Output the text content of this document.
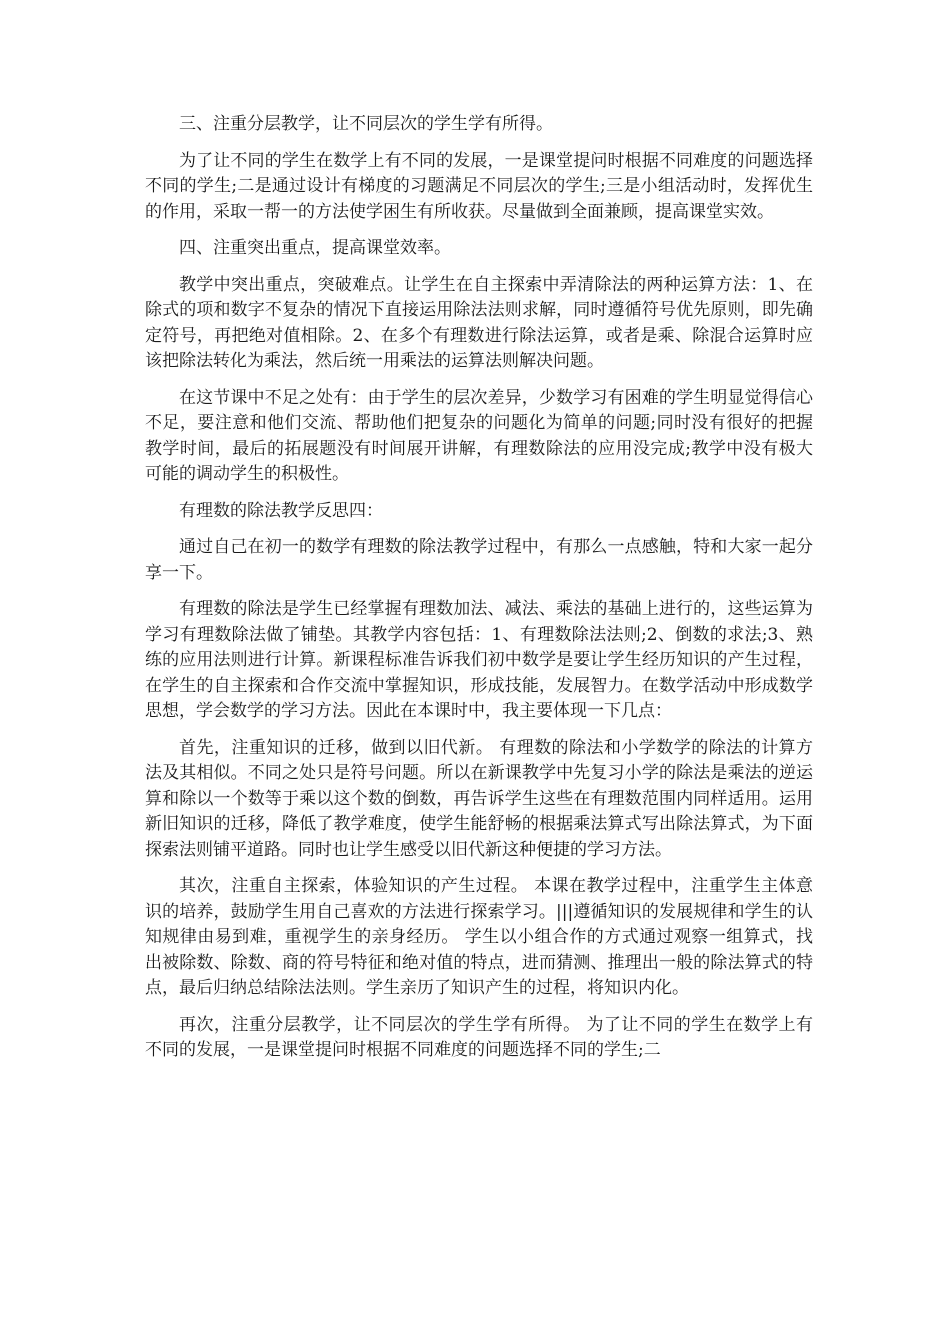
三、注重分层教学，让不同层次的学生学有所得。

为了让不同的学生在数学上有不同的发展，一是课堂提问时根据不同难度的问题选择不同的学生;二是通过设计有梯度的习题满足不同层次的学生;三是小组活动时，发挥优生的作用，采取一帮一的方法使学困生有所收获。尽量做到全面兼顾，提高课堂实效。

四、注重突出重点，提高课堂效率。

教学中突出重点，突破难点。让学生在自主探索中弄清除法的两种运算方法：1、在除式的项和数字不复杂的情况下直接运用除法法则求解，同时遵循符号优先原则，即先确定符号，再把绝对值相除。2、在多个有理数进行除法运算，或者是乘、除混合运算时应该把除法转化为乘法，然后统一用乘法的运算法则解决问题。

在这节课中不足之处有：由于学生的层次差异，少数学习有困难的学生明显觉得信心不足，要注意和他们交流、帮助他们把复杂的问题化为简单的问题;同时没有很好的把握教学时间，最后的拓展题没有时间展开讲解，有理数除法的应用没完成;教学中没有极大可能的调动学生的积极性。

有理数的除法教学反思四：

通过自己在初一的数学有理数的除法教学过程中，有那么一点感触，特和大家一起分享一下。

有理数的除法是学生已经掌握有理数加法、减法、乘法的基础上进行的，这些运算为学习有理数除法做了铺垫。其教学内容包括：1、有理数除法法则;2、倒数的求法;3、熟练的应用法则进行计算。新课程标准告诉我们初中数学是要让学生经历知识的产生过程，在学生的自主探索和合作交流中掌握知识，形成技能，发展智力。在数学活动中形成数学思想，学会数学的学习方法。因此在本课时中，我主要体现一下几点：

首先，注重知识的迁移，做到以旧代新。 有理数的除法和小学数学的除法的计算方法及其相似。不同之处只是符号问题。所以在新课教学中先复习小学的除法是乘法的逆运算和除以一个数等于乘以这个数的倒数，再告诉学生这些在有理数范围内同样适用。运用新旧知识的迁移，降低了教学难度，使学生能舒畅的根据乘法算式写出除法算式，为下面探索法则铺平道路。同时也让学生感受以旧代新这种便捷的学习方法。

其次，注重自主探索，体验知识的产生过程。 本课在教学过程中，注重学生主体意识的培养，鼓励学生用自己喜欢的方法进行探索学习。|||遵循知识的发展规律和学生的认知规律由易到难，重视学生的亲身经历。 学生以小组合作的方式通过观察一组算式，找出被除数、除数、商的符号特征和绝对值的特点，进而猜测、推理出一般的除法算式的特点，最后归纳总结除法法则。学生亲历了知识产生的过程，将知识内化。

再次，注重分层教学，让不同层次的学生学有所得。 为了让不同的学生在数学上有不同的发展，一是课堂提问时根据不同难度的问题选择不同的学生;二
